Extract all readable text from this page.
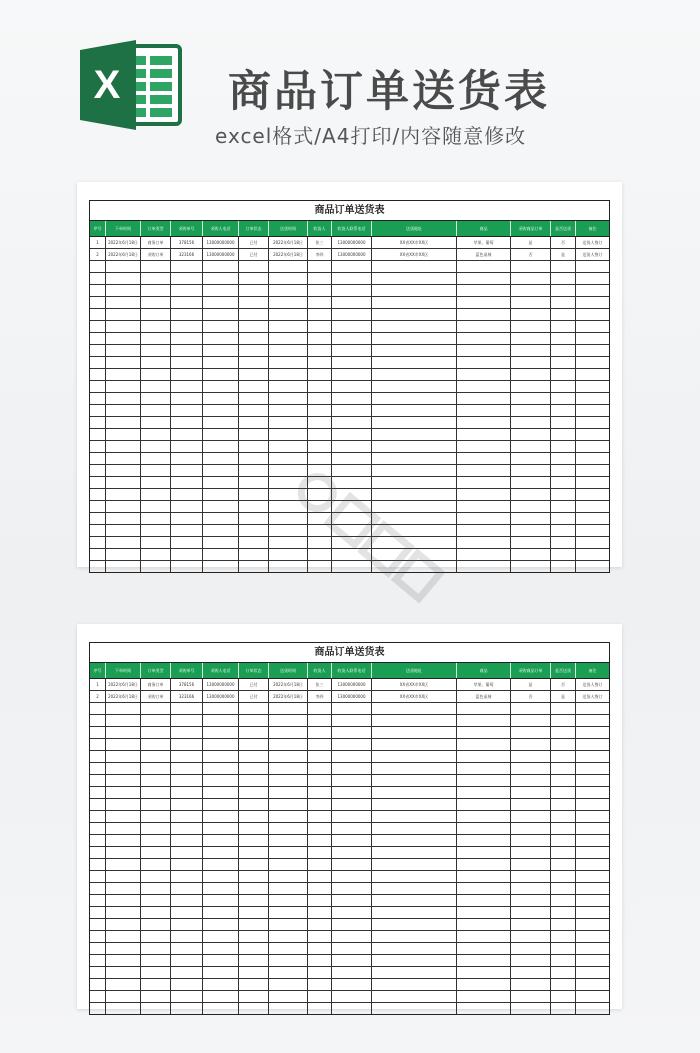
X	商品订单送货表
excel格式/A4打印/内容随意修改
商品订单送货表
序号	下单时间	订单类型	采购单号	采购人电话	订单状态	送货时间	收货人	收货人联系电话	送货地址	商品	采购商品订单	是否送货	备注
1	2022年6月18日	商务订单	378156	13000000000	已付	2022年6月18日	张三	13000000000	XX省XX市XX区	苹果、葡萄	是	否	送货人签订
2	2022年6月18日	采购订单	323166	13000000000	已付	2022年6月18日	李四	13000000000	XX省XX市XX区	蓝色桌椅	否	是	送货人签订
商品订单送货表
序号	下单时间	订单类型	采购单号	采购人电话	订单状态	送货时间	收货人	收货人联系电话	送货地址	商品	采购商品订单	是否送货	备注
1	2022年6月18日	商务订单	378156	13000000000	已付	2022年6月18日	张三	13000000000	XX省XX市XX区	苹果、葡萄	是	否	送货人签订
2	2022年6月18日	采购订单	323166	13000000000	已付	2022年6月18日	李四	13000000000	XX省XX市XX区	蓝色桌椅	否	是	送货人签订
